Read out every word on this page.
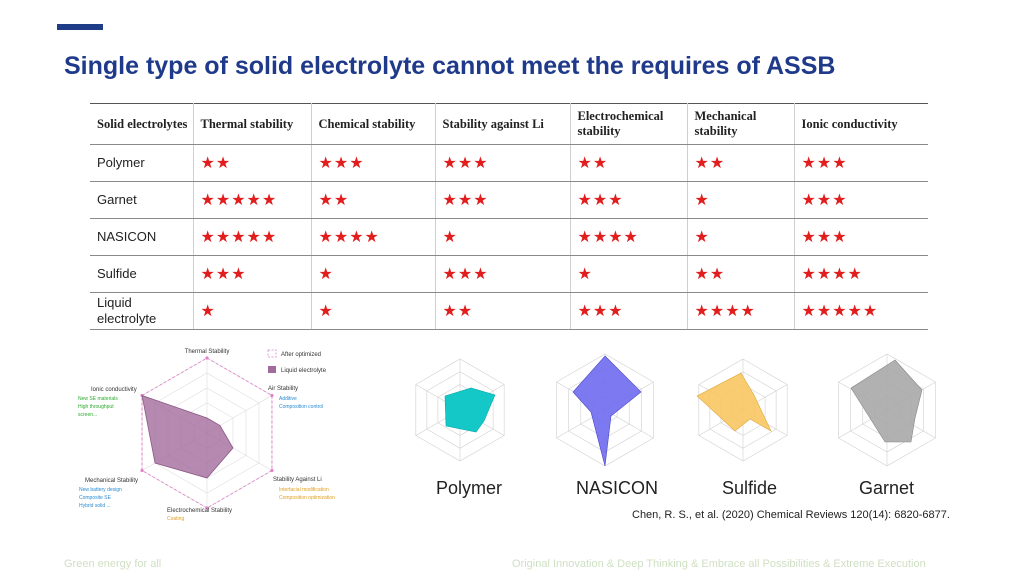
Single type of solid electrolyte cannot meet the requires of ASSB
Solid electrolytes	Thermal stability	Chemical stability	Stability against Li	Electrochemical stability	Mechanical stability	Ionic conductivity
Polymer	★★	★★★	★★★	★★	★★	★★★
Garnet	★★★★★	★★	★★★	★★★	★	★★★
NASICON	★★★★★	★★★★	★	★★★★	★	★★★
Sulfide	★★★	★	★★★	★	★★	★★★★
Liquid electrolyte	★	★	★★	★★★	★★★★	★★★★★
Thermal Stability
Air Stability
Stability Against Li
Electrochemical Stability
Mechanical Stability
Ionic conductivity
New SE materials
High throughput
screen...
Additive
Composition control
Interfacial modification
Composition optimization
Coating
New battery design
Composite SE
Hybrid solid ...
After optimized
Liquid electrolyte
Polymer	NASICON	Sulfide	Garnet
Chen, R. S., et al. (2020) Chemical Reviews 120(14): 6820-6877.
Green energy for all	Original Innovation & Deep Thinking & Embrace all Possibilities & Extreme Execution
